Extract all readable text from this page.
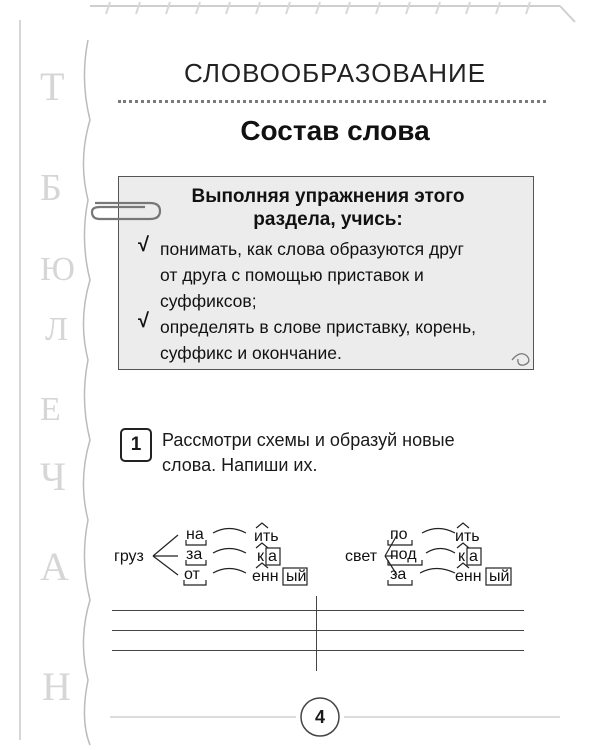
Т
Б
Ю
Л
Е
Ч
А
Н
СЛОВООБРАЗОВАНИЕ
Состав слова
Выполняя упражнения этого
раздела, учись:
√ понимать, как слова образуются друг
от друга с помощью приставок и
суффиксов;
√ определять в слове приставку, корень,
суффикс и окончание.
1	Рассмотри схемы и образуй новые
слова. Напиши их.
груз
на
за
от
ить
к
енн
а
ый
свет
по
под
за
ить
к
енн
а
ый
4
